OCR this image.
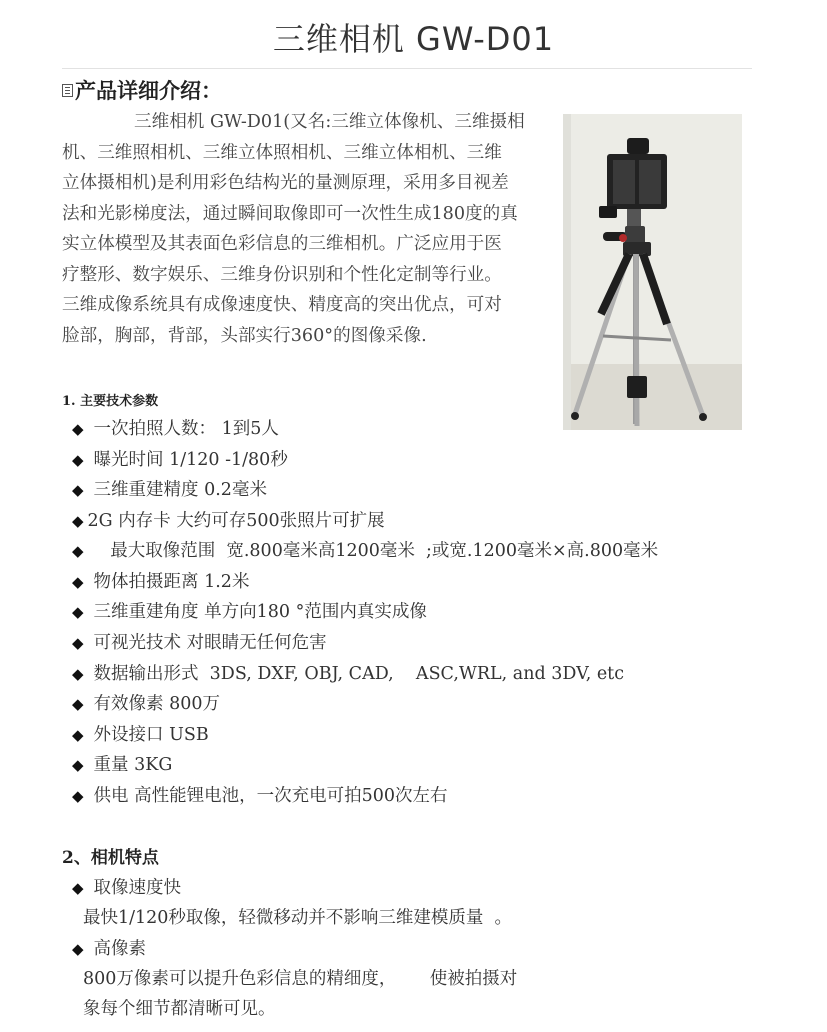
三维相机 GW-D01
产品详细介绍：
三维相机 GW-D01(又名:三维立体像机、三维摄相
机、三维照相机、三维立体照相机、三维立体相机、三维
立体摄相机)是利用彩色结构光的量测原理，采用多目视差
法和光影梯度法，通过瞬间取像即可一次性生成180度的真
实立体模型及其表面色彩信息的三维相机。广泛应用于医
疗整形、数字娱乐、三维身份识别和个性化定制等行业。
三维成像系统具有成像速度快、精度高的突出优点，可对
脸部，胸部，背部，头部实行360°的图像采像.
1. 主要技术参数
◆ 一次拍照人数： 1到5人
◆ 曝光时间 1/120 -1/80秒
◆ 三维重建精度 0.2毫米
◆ 2G 内存卡 大约可存500张照片可扩展
◆   最大取像范围  宽.800毫米高1200毫米  ;或宽.1200毫米×高.800毫米
◆ 物体拍摄距离 1.2米
◆ 三维重建角度 单方向180 °范围内真实成像
◆ 可视光技术 对眼睛无任何危害
◆ 数据输出形式  3DS, DXF, OBJ, CAD,    ASC,WRL, and 3DV, etc
◆ 有效像素 800万
◆ 外设接口 USB
◆ 重量 3KG
◆ 供电 高性能锂电池，一次充电可拍500次左右
2、相机特点
◆ 取像速度快
最快1/120秒取像，轻微移动并不影响三维建模质量  。
◆ 高像素
800万像素可以提升色彩信息的精细度，      使被拍摄对
象每个细节都清晰可见。
